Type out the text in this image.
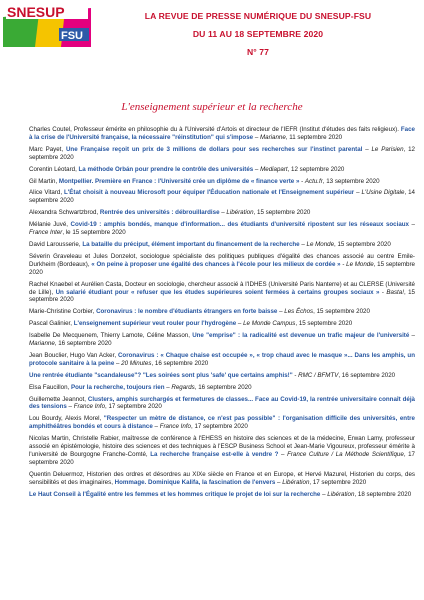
SNESUP
FSU
LA REVUE DE PRESSE NUMÉRIQUE DU SNESUP-FSU
DU 11 AU 18 SEPTEMBRE 2020
N° 77
L'enseignement supérieur et la recherche
Charles Coutel, Professeur émérite en philosophie du à l'Université d'Artois et directeur de l'IEFR (Institut d'études des faits religieux). Face à la crise de l'Université française, la nécessaire "réinstitution" qui s'impose – Marianne, 11 septembre 2020
Marc Payet, Une Française reçoit un prix de 3 millions de dollars pour ses recherches sur l'instinct parental – Le Parisien, 12 septembre 2020
Corentin Léotard, La méthode Orbán pour prendre le contrôle des universités – Mediapart, 12 septembre 2020
Gil Martin, Montpellier. Première en France : l'Université crée un diplôme de « finance verte » - Actu.fr, 13 septembre 2020
Alice Vitard, L'État choisit à nouveau Microsoft pour équiper l'Éducation nationale et l'Enseignement supérieur – L'Usine Digitale, 14 septembre 2020
Alexandra Schwartzbrod, Rentrée des universités : débrouillardise – Libération, 15 septembre 2020
Mélanie Juvé, Covid-19 : amphis bondés, manque d'information... des étudiants d'université ripostent sur les réseaux sociaux – France Inter, le 15 septembre 2020
David Larousserie, La bataille du préciput, élément important du financement de la recherche – Le Monde, 15 septembre 2020
Séverin Graveleau et Jules Donzelot, sociologue spécialiste des politiques publiques d'égalité des chances associé au centre Emile-Durkheim (Bordeaux), « On peine à proposer une égalité des chances à l'école pour les milieux de cordée » - Le Monde, 15 septembre 2020
Rachel Knaebel et Aurélien Casta, Docteur en sociologie, chercheur associé à l'IDHES (Université Paris Nanterre) et au CLERSE (Université de Lille), Un salarié étudiant pour « refuser que les études supérieures soient fermées à certains groupes sociaux » - Basta!, 15 septembre 2020
Marie-Christine Corbier, Coronavirus : le nombre d'étudiants étrangers en forte baisse – Les Échos, 15 septembre 2020
Pascal Galinier, L'enseignement supérieur veut rouler pour l'hydrogène – Le Monde Campus, 15 septembre 2020
Isabelle De Mecquenem, Thierry Lamote, Céline Masson, Une "emprise" : la radicalité est devenue un trafic majeur de l'université – Marianne, 16 septembre 2020
Jean Bouclier, Hugo Van Acker, Coronavirus : « Chaque chaise est occupée », « trop chaud avec le masque »... Dans les amphis, un protocole sanitaire à la peine – 20 Minutes, 16 septembre 2020
Une rentrée étudiante "scandaleuse"? "Les soirées sont plus 'safe' que certains amphis!" - RMC / BFMTV, 16 septembre 2020
Elsa Faucillon, Pour la recherche, toujours rien – Regards, 16 septembre 2020
Guillemette Jeannot, Clusters, amphis surchargés et fermetures de classes... Face au Covid-19, la rentrée universitaire connaît déjà des tensions – France Info, 17 septembre 2020
Lou Bourdy, Alexis Morel, "Respecter un mètre de distance, ce n'est pas possible" : l'organisation difficile des universités, entre amphithéâtres bondés et cours à distance – France Info, 17 septembre 2020
Nicolas Martin, Christelle Rabier, maîtresse de conférence à l'EHESS en histoire des sciences et de la médecine, Erwan Lamy, professeur associé en épistémologie, histoire des sciences et des techniques à l'ESCP Business School et Jean-Marie Vigoureux, professeur émérite à l'université de Bourgogne Franche-Comté, La recherche française est-elle à vendre ? – France Culture / La Méthode Scientifique, 17 septembre 2020
Quentin Deluermoz, Historien des ordres et désordres au XIXe siècle en France et en Europe, et Hervé Mazurel, Historien du corps, des sensibilités et des imaginaires, Hommage. Dominique Kalifa, la fascination de l'envers – Libération, 17 septembre 2020
Le Haut Conseil à l'Égalité entre les femmes et les hommes critique le projet de loi sur la recherche – Libération, 18 septembre 2020
